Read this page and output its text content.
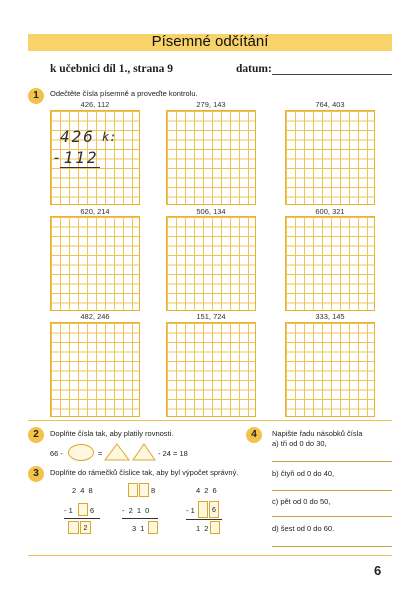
Písemné odčítání
k učebnici díl 1., strana 9	datum:
1	Odečtěte čísla písemně a proveďte kontrolu.
426, 112	279, 143	764, 403
426 k:
-112
620, 214	506, 134	600, 321
482, 246	151, 724	333, 145
2	Doplňte čísla tak, aby platily rovnosti.
66 -	=	- 24 = 18
3	Doplňte do rámečků číslice tak, aby byl výpočet správný.
2 4 8
- 1 6
2
8
- 2 1 0
3 1
4 2 6
- 1	6
1 2
4	Napište řadu násobků čísla
a) tři od 0 do 30,
b) čtyři od 0 do 40,
c) pět od 0 do 50,
d) šest od 0 do 60.
6
